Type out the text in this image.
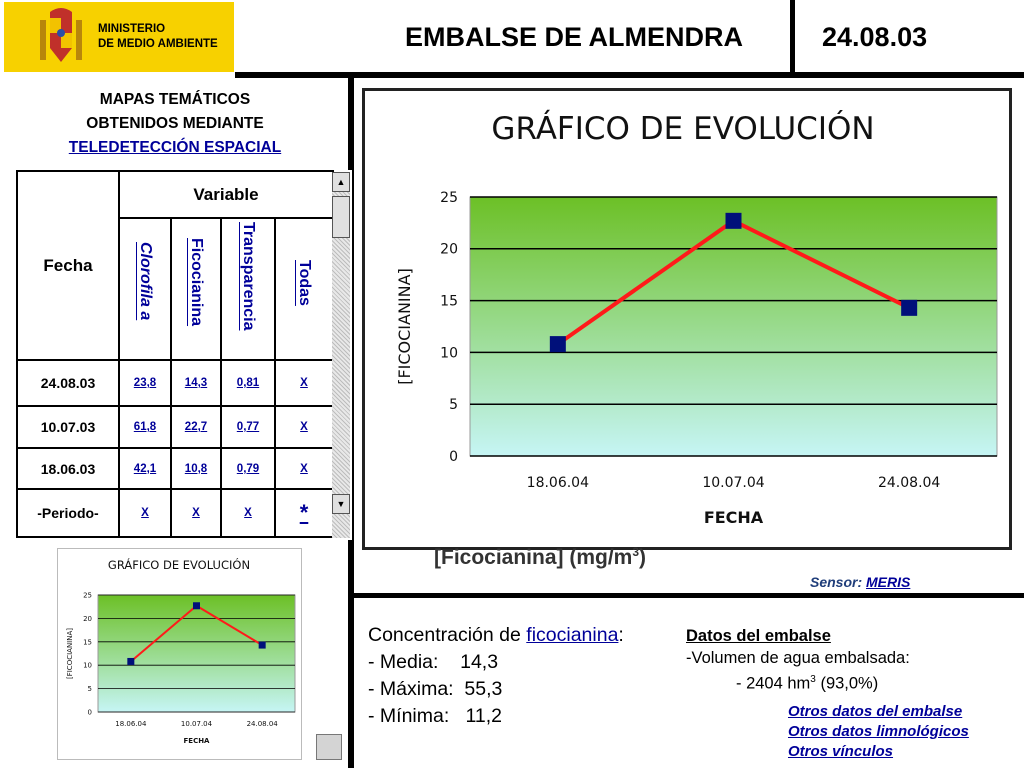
MINISTERIO
DE MEDIO AMBIENTE	EMBALSE DE ALMENDRA	24.08.03
MAPAS TEMÁTICOS
OBTENIDOS MEDIANTE
TELEDETECCIÓN ESPACIAL
Fecha
Variable
Clorofila a Ficocianina Transparencia Todas
24.08.03	23,8	14,3	0,81	X
10.07.03	61,8	22,7	0,77	X
18.06.03	42,1	10,8	0,79	X
-Periodo-	X	X	X	*
▲
▼
GRÁFICO DE EVOLUCIÓN
0
5
10
15
20
25
18.06.04	10.07.04	24.08.04
FECHA
[FICOCIANINA]
GRÁFICO DE EVOLUCIÓN
0
5
10
15
20
25
18.06.04	10.07.04	24.08.04
FECHA
[FICOCIANINA]
[Ficocianina] $(mg/m^3)$
Sensor: MERIS
Concentración de ficocianina:
- Media:    14,3
- Máxima:  55,3
- Mínima:   11,2
Datos del embalse
-Volumen de agua embalsada:
- 2404 $hm^3$ (93,0%)
Otros datos del embalse
Otros datos limnológicos
Otros vínculos
